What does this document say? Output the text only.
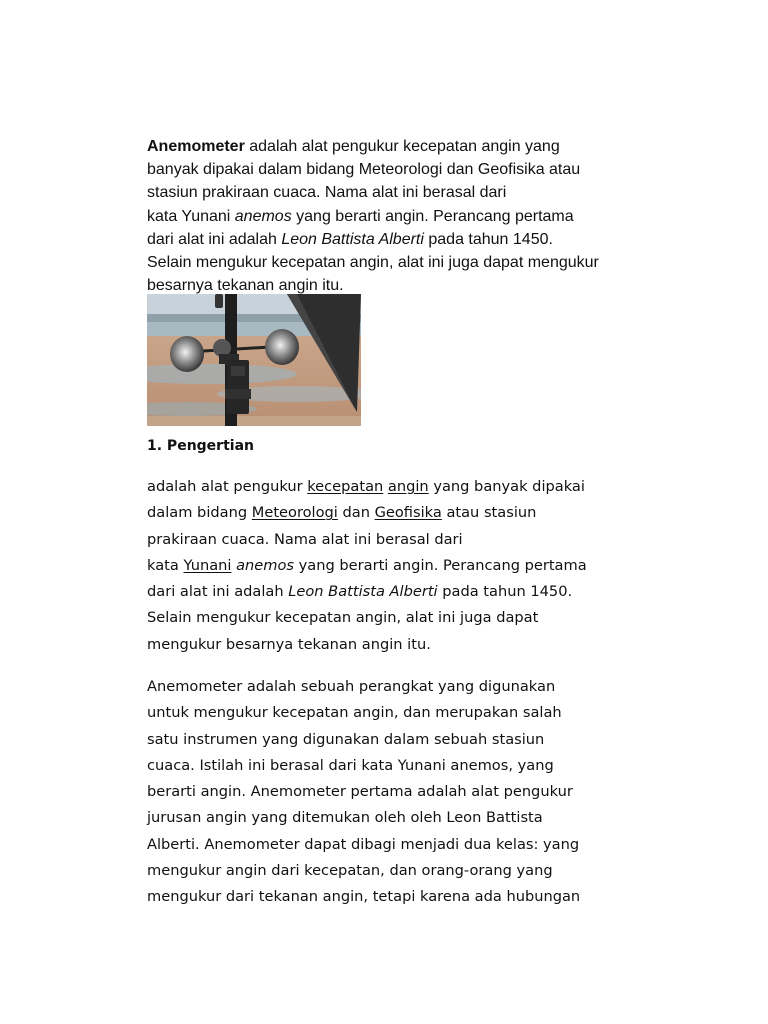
Anemometer adalah alat pengukur kecepatan angin yang

banyak dipakai dalam bidang Meteorologi dan Geofisika atau

stasiun prakiraan cuaca. Nama alat ini berasal dari

kata Yunani anemos yang berarti angin. Perancang pertama

dari alat ini adalah Leon Battista Alberti pada tahun 1450.

Selain mengukur kecepatan angin, alat ini juga dapat mengukur

besarnya tekanan angin itu.

1. Pengertian

adalah alat pengukur kecepatan angin yang banyak dipakai

dalam bidang Meteorologi dan Geofisika atau stasiun

prakiraan cuaca. Nama alat ini berasal dari

kata Yunani anemos yang berarti angin. Perancang pertama

dari alat ini adalah Leon Battista Alberti pada tahun 1450.

Selain mengukur kecepatan angin, alat ini juga dapat

mengukur besarnya tekanan angin itu.

Anemometer adalah sebuah perangkat yang digunakan

untuk mengukur kecepatan angin, dan merupakan salah

satu instrumen yang digunakan dalam sebuah stasiun

cuaca. Istilah ini berasal dari kata Yunani anemos, yang

berarti angin. Anemometer pertama adalah alat pengukur

jurusan angin yang ditemukan oleh oleh Leon Battista

Alberti. Anemometer dapat dibagi menjadi dua kelas: yang

mengukur angin dari kecepatan, dan orang-orang yang

mengukur dari tekanan angin, tetapi karena ada hubungan
